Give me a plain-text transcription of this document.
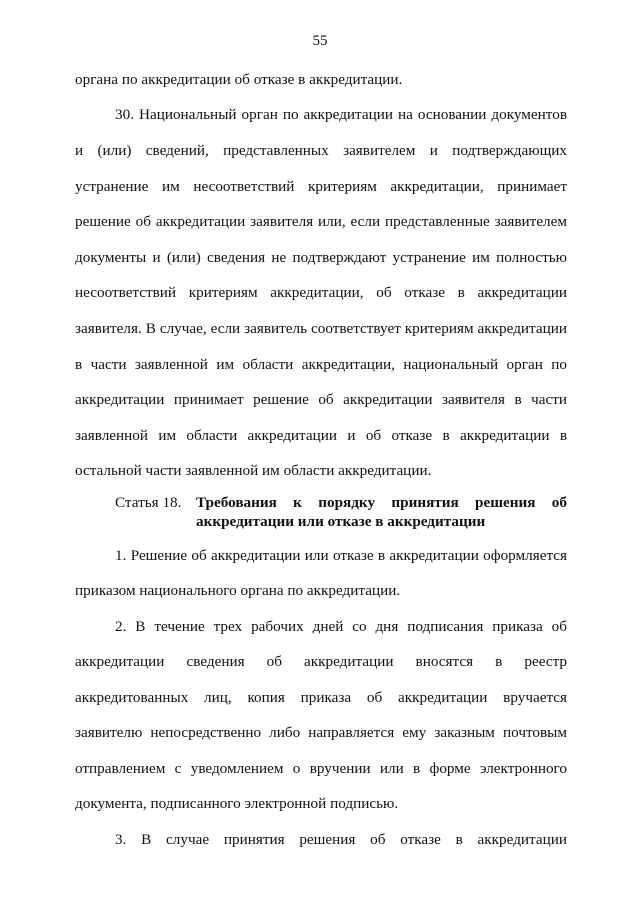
55
органа по аккредитации об отказе в аккредитации.
30. Национальный орган по аккредитации на основании документов
и (или) сведений, представленных заявителем и подтверждающих
устранение им несоответствий критериям аккредитации, принимает
решение об аккредитации заявителя или, если представленные заявителем
документы и (или) сведения не подтверждают устранение им полностью
несоответствий критериям аккредитации, об отказе в аккредитации
заявителя. В случае, если заявитель соответствует критериям аккредитации
в части заявленной им области аккредитации, национальный орган по
аккредитации принимает решение об аккредитации заявителя в части
заявленной им области аккредитации и об отказе в аккредитации в
остальной части заявленной им области аккредитации.
Статья 18. Требования к порядку принятия решения об
аккредитации или отказе в аккредитации
1. Решение об аккредитации или отказе в аккредитации оформляется
приказом национального органа по аккредитации.
2. В течение трех рабочих дней со дня подписания приказа об
аккредитации сведения об аккредитации вносятся в реестр
аккредитованных лиц, копия приказа об аккредитации вручается
заявителю непосредственно либо направляется ему заказным почтовым
отправлением с уведомлением о вручении или в форме электронного
документа, подписанного электронной подписью.
3. В случае принятия решения об отказе в аккредитации
